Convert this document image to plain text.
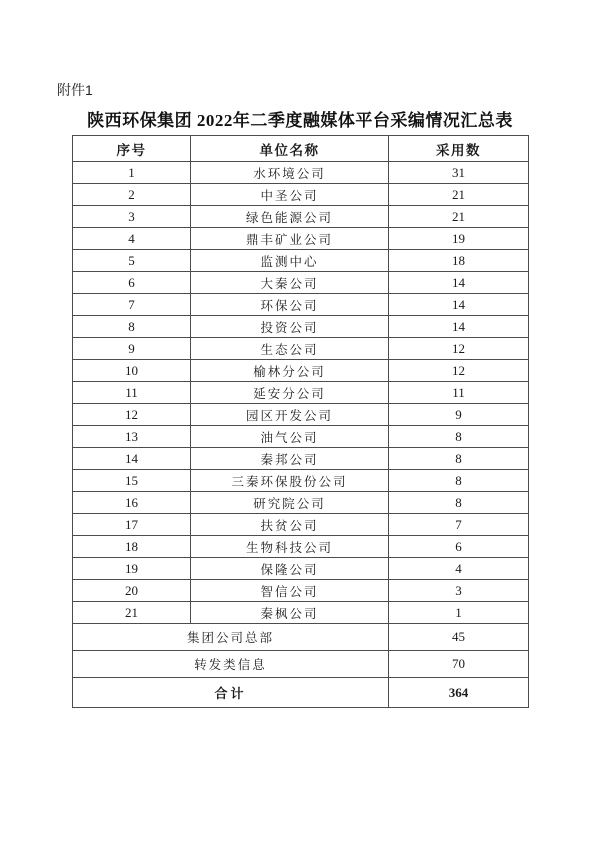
附件1
陕西环保集团 2022年二季度融媒体平台采编情况汇总表
序号	单位名称	采用数
1	水环境公司	31
2	中圣公司	21
3	绿色能源公司	21
4	鼎丰矿业公司	19
5	监测中心	18
6	大秦公司	14
7	环保公司	14
8	投资公司	14
9	生态公司	12
10	榆林分公司	12
11	延安分公司	11
12	园区开发公司	9
13	油气公司	8
14	秦邦公司	8
15	三秦环保股份公司	8
16	研究院公司	8
17	扶贫公司	7
18	生物科技公司	6
19	保隆公司	4
20	智信公司	3
21	秦枫公司	1
集团公司总部		45
转发类信息		70
合计		364
